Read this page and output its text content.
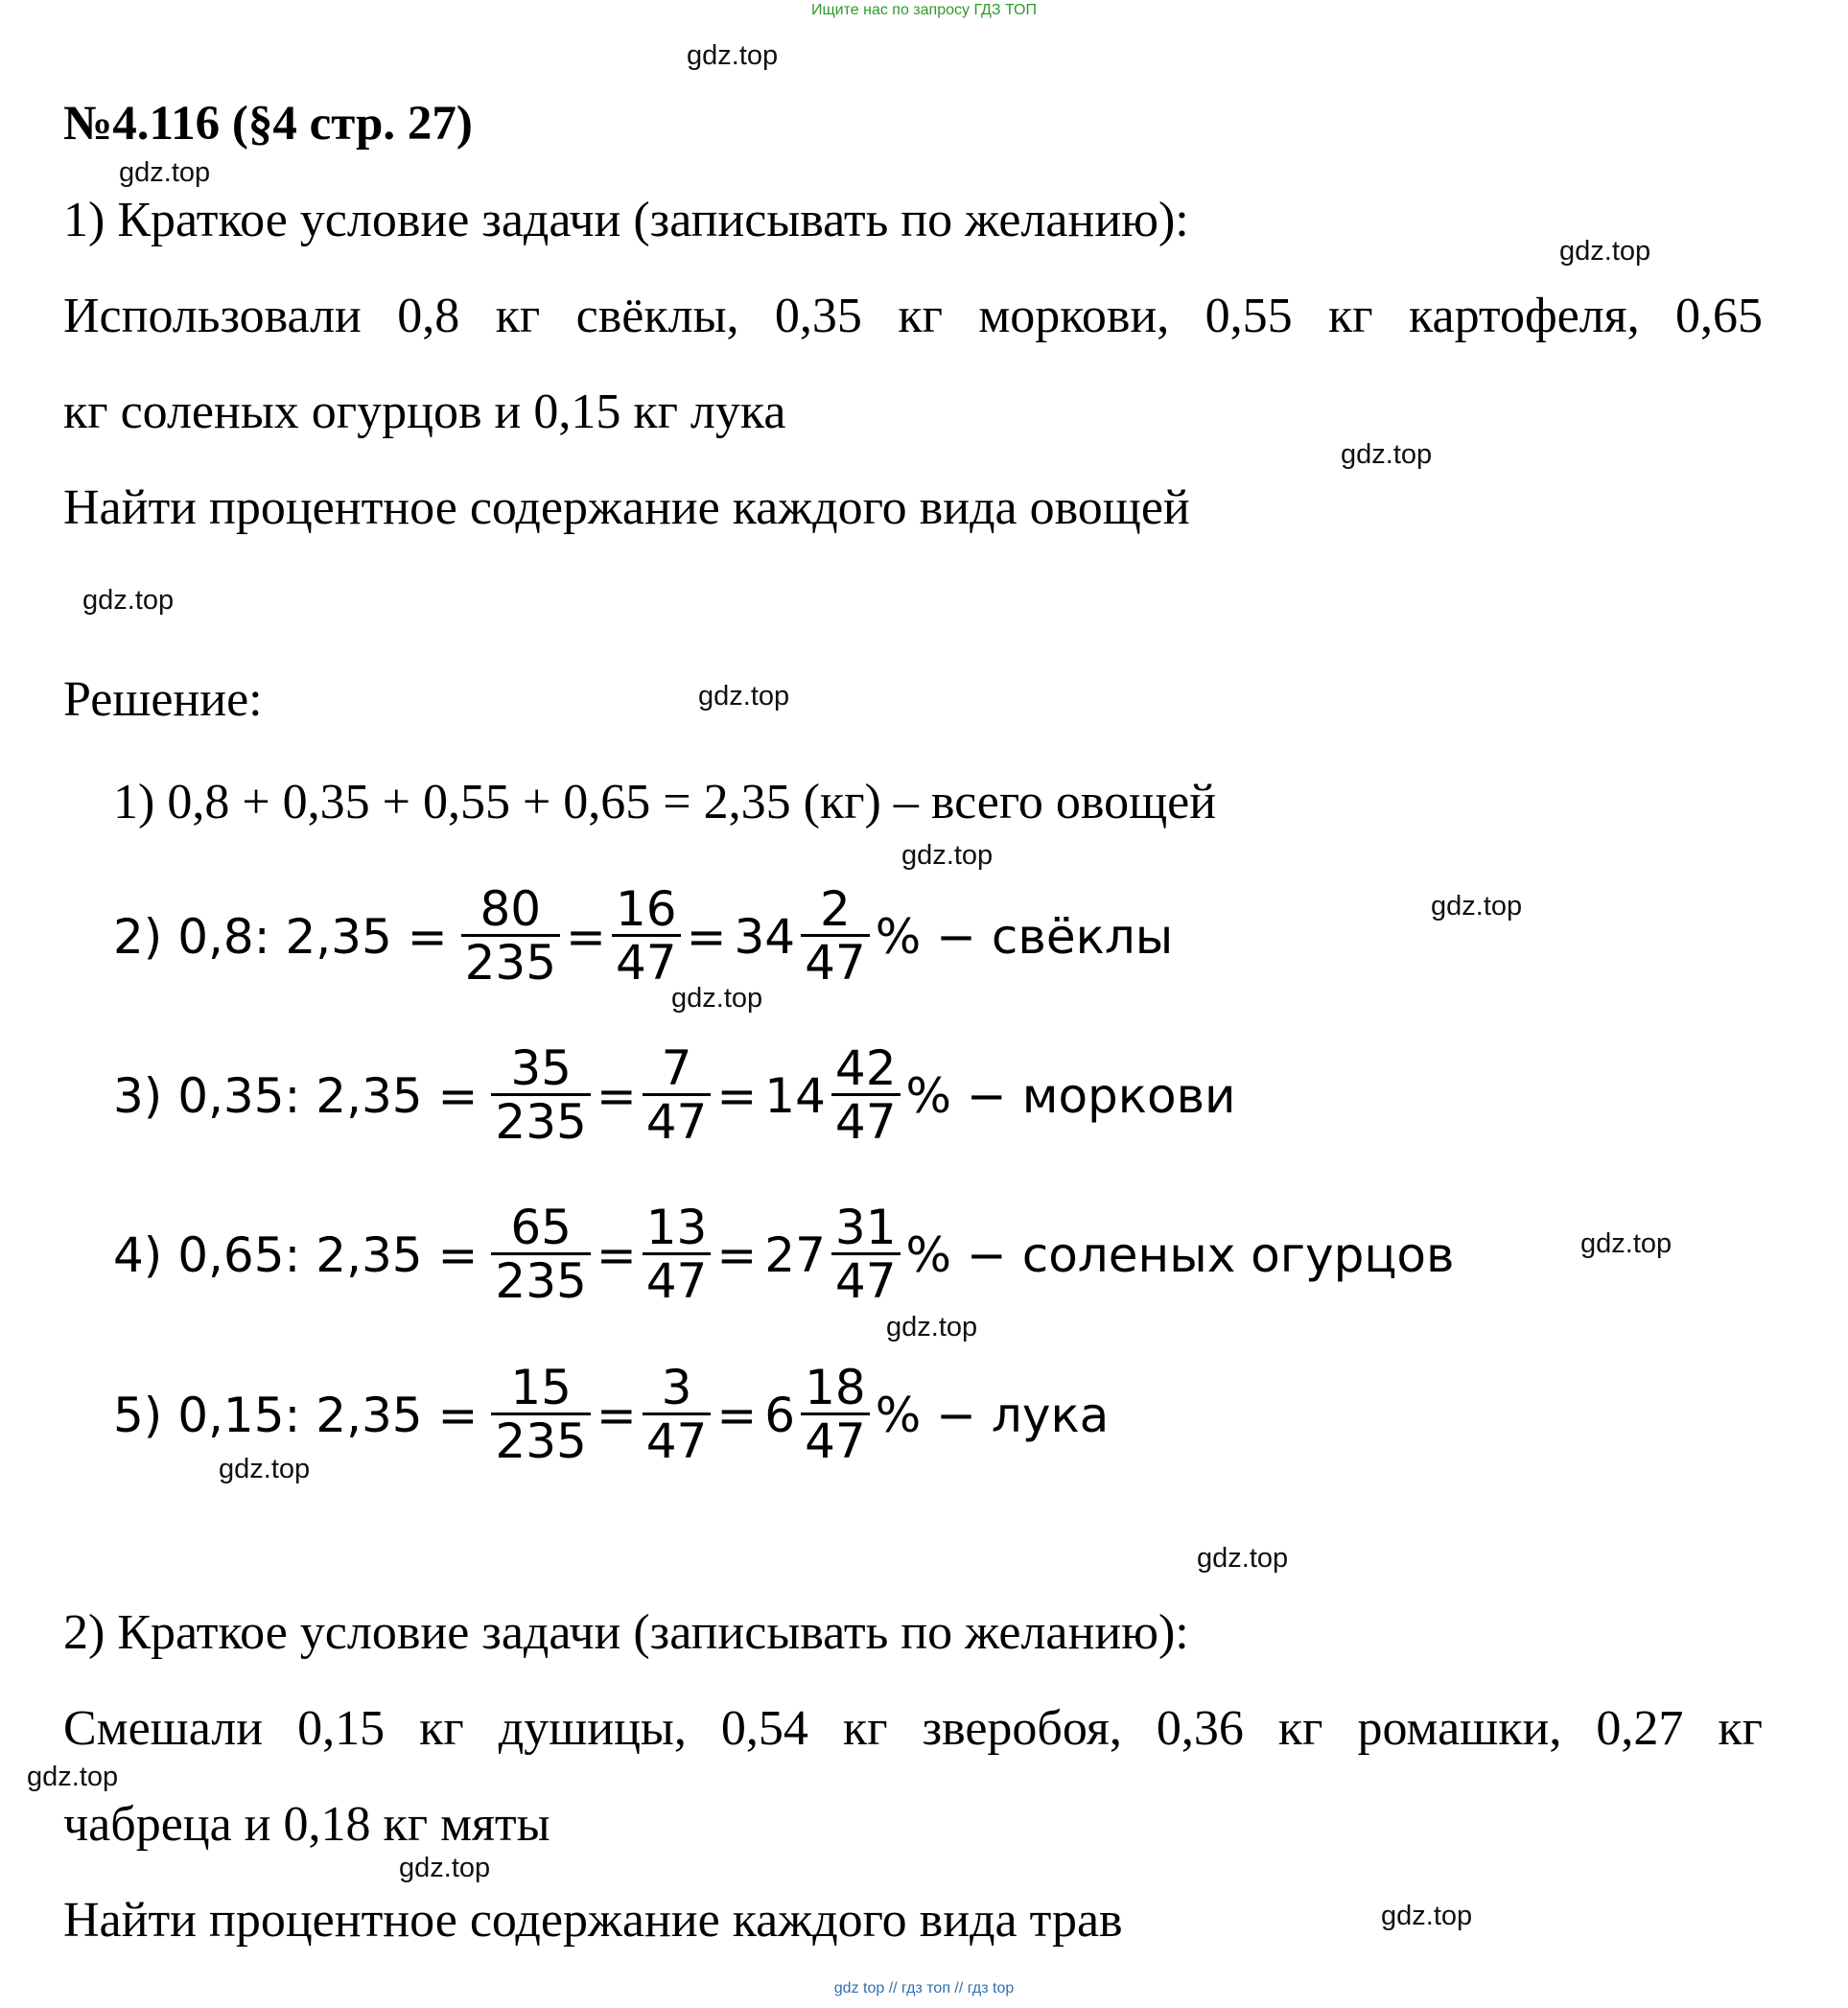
Ищите нас по запросу ГДЗ ТОП
№4.116 (§4 стр. 27)
1) Краткое условие задачи (записывать по желанию):
Использовали 0,8 кг свёклы, 0,35 кг моркови, 0,55 кг картофеля, 0,65
кг соленых огурцов и 0,15 кг лука
Найти процентное содержание каждого вида овощей
Решение:
1) 0,8 + 0,35 + 0,55 + 0,65 = 2,35 (кг) – всего овощей
2) 0,8: $2,35 = \frac{80}{235} = \frac{16}{47} = 34 \frac{2}{47}$ % − свёклы
3) 0,35: $2,35 = \frac{35}{235} = \frac{7}{47} = 14 \frac{42}{47}$ % − моркови
4) 0,65: $2,35 = \frac{65}{235} = \frac{13}{47} = 27 \frac{31}{47}$ % − соленых огурцов
5) 0,15: $2,35 = \frac{15}{235} = \frac{3}{47} = 6 \frac{18}{47}$ % − лука
2) Краткое условие задачи (записывать по желанию):
Смешали 0,15 кг душицы, 0,54 кг зверобоя, 0,36 кг ромашки, 0,27 кг
чабреца и 0,18 кг мяты
Найти процентное содержание каждого вида трав
gdz.top
gdz.top
gdz.top
gdz.top
gdz.top
gdz.top
gdz.top
gdz.top
gdz.top
gdz.top
gdz.top
gdz.top
gdz.top
gdz.top
gdz.top
gdz.top
gdz top // гдз топ // гдз top
